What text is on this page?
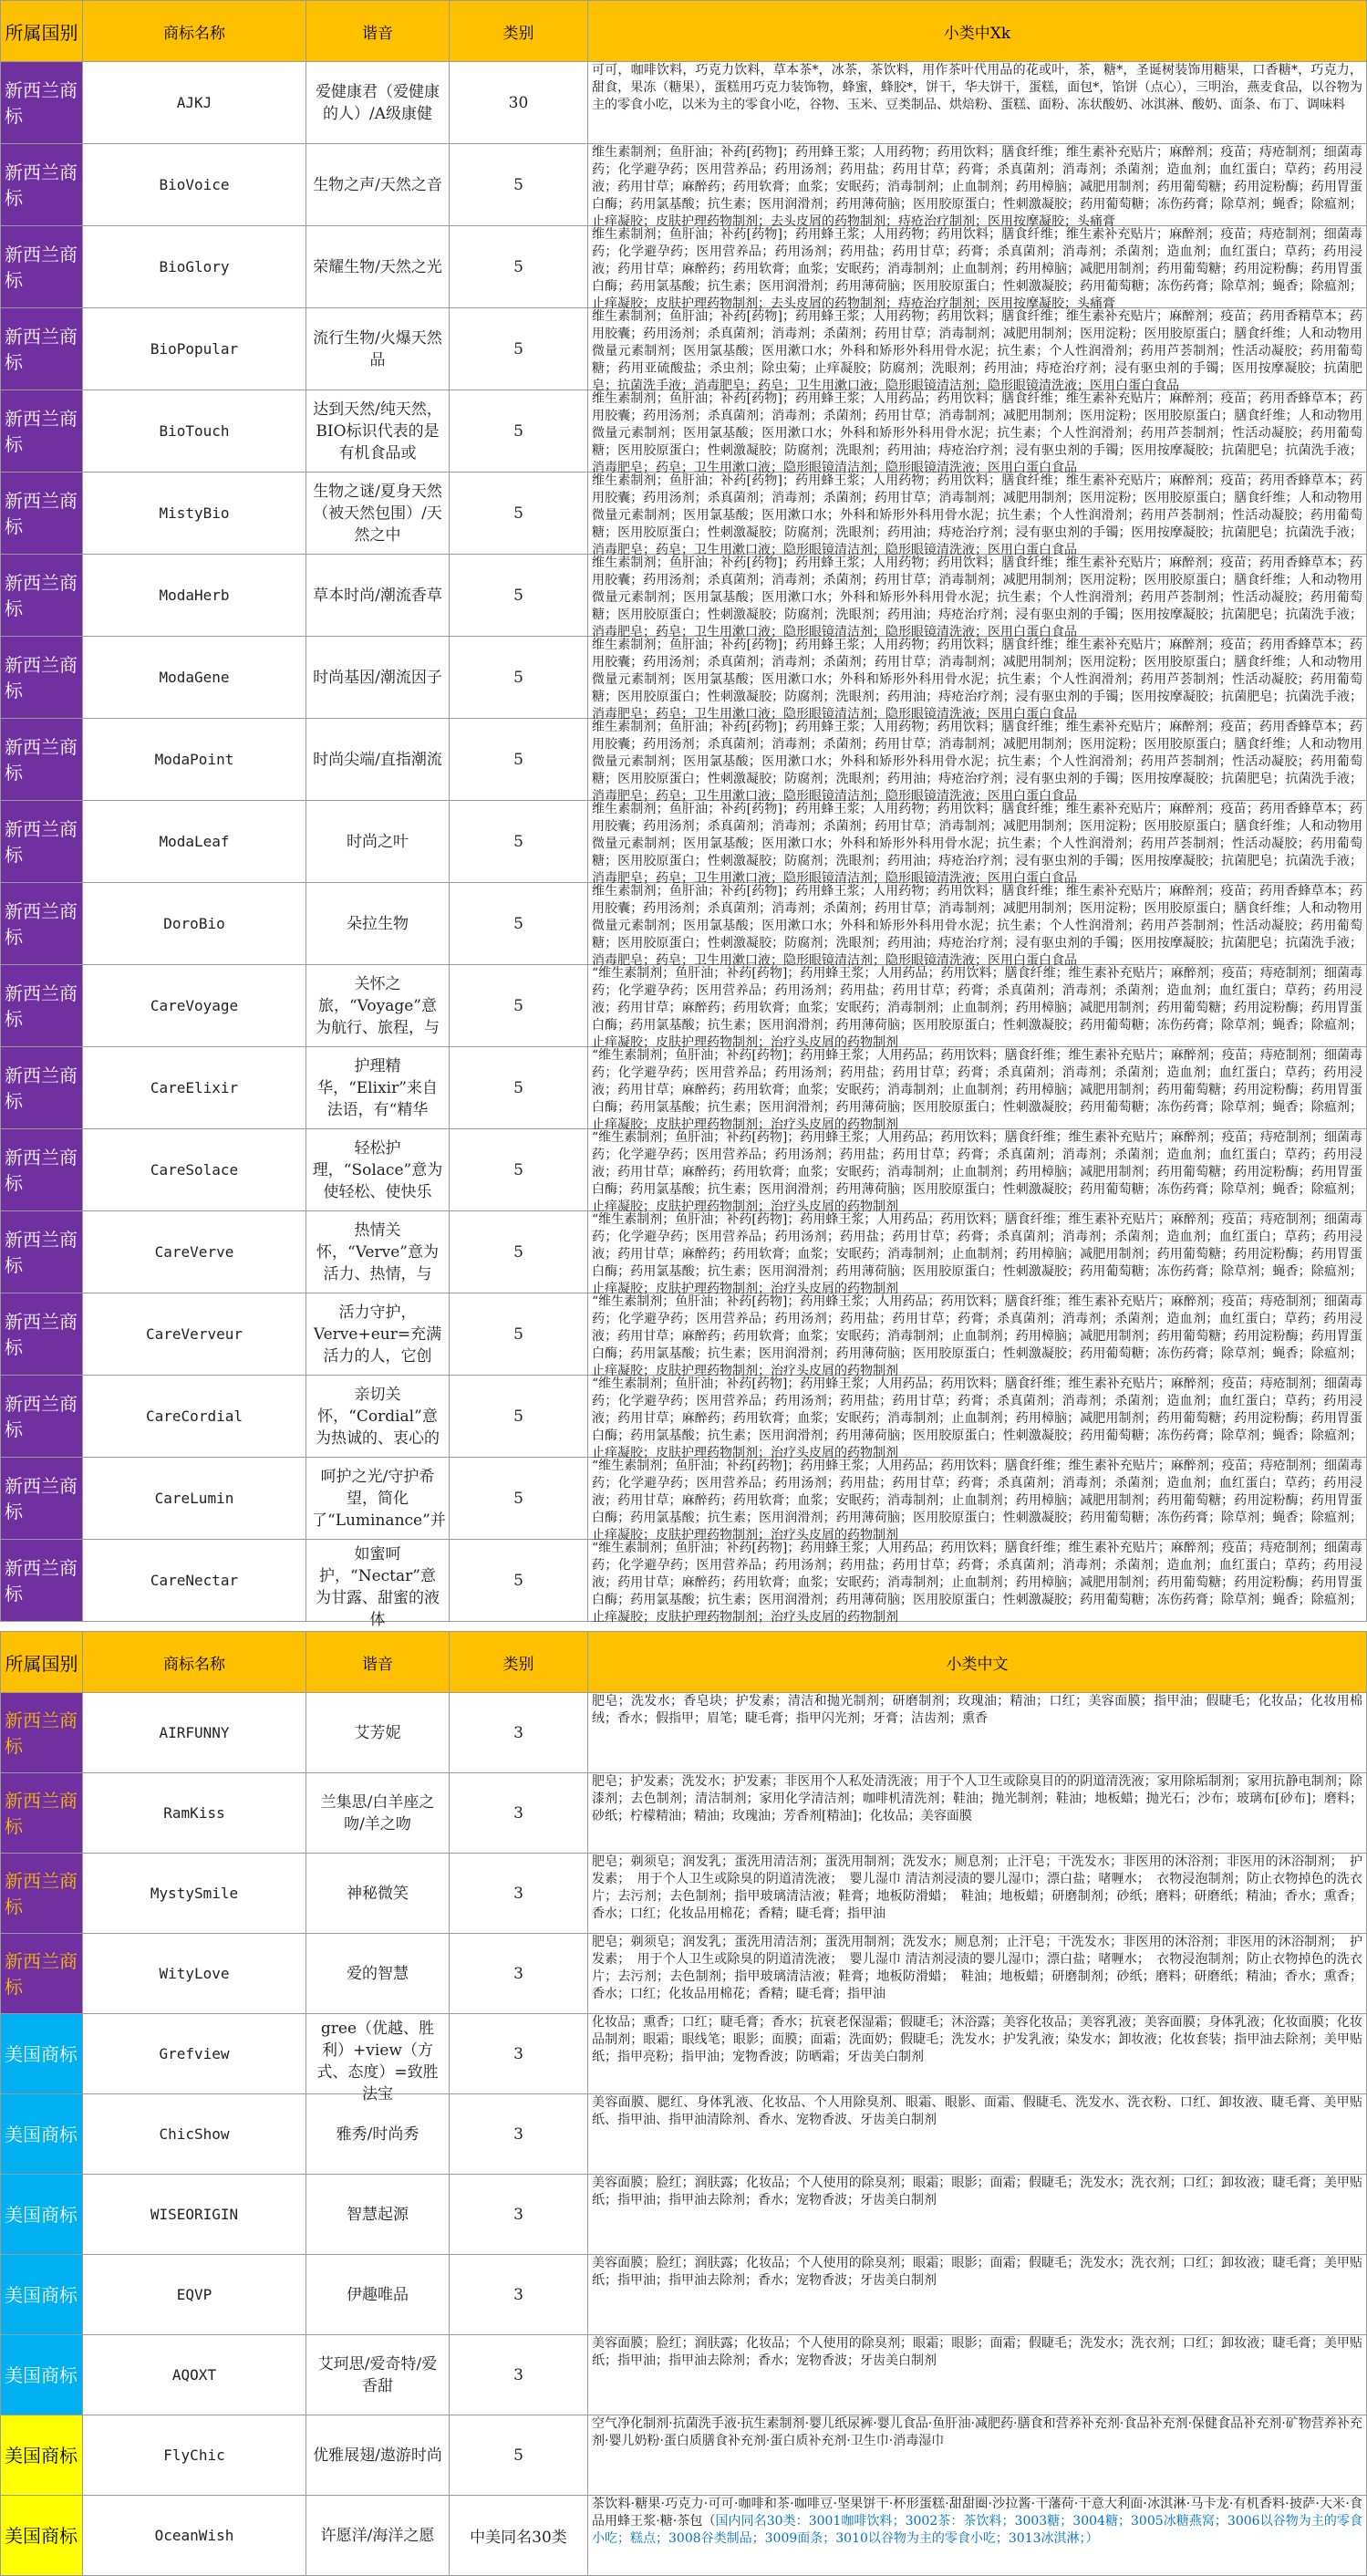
所属国别	商标名称	谐音	类别	小类中Xk
新西兰商标	AJKJ	爱健康君（爱健康的人）/A级康健	30	可可，咖啡饮料，巧克力饮料，草本茶*，冰茶，茶饮料，用作茶叶代用品的花或叶，茶，糖*，圣诞树装饰用糖果，口香糖*，巧克力，甜食，果冻（糖果），蛋糕用巧克力装饰物，蜂蜜，蜂胶*，饼干，华夫饼干，蛋糕，面包*，馅饼（点心），三明治，燕麦食品，以谷物为主的零食小吃，以米为主的零食小吃，谷物、玉米、豆类制品、烘焙粉、蛋糕、面粉、冻状酸奶、冰淇淋、酸奶、面条、布丁、调味料

新西兰商标	BioVoice	生物之声/天然之音	5	维生素制剂；鱼肝油；补药[药物]；药用蜂王浆；人用药物；药用饮料；膳食纤维；维生素补充贴片；麻醉剂；疫苗；痔疮制剂；细菌毒药；化学避孕药；医用营养品；药用汤剂；药用盐；药用甘草；药膏；杀真菌剂；消毒剂；杀菌剂；造血剂；血红蛋白；草药；药用浸液；药用甘草；麻醉药；药用软膏；血浆；安眠药；消毒制剂；止血制剂；药用樟脑；减肥用制剂；药用葡萄糖；药用淀粉酶；药用胃蛋白酶；药用氯基酸；抗生素；医用润滑剂；药用薄荷脑；医用胶原蛋白；性刺激凝胶；药用葡萄糖；冻伤药膏；除草剂；蝇香；除瘟剂；止痒凝胶；皮肤护理药物制剂；去头皮屑的药物制剂；痔疮治疗制剂；医用按摩凝胶；头痛膏

新西兰商标	BioGlory	荣耀生物/天然之光	5	维生素制剂；鱼肝油；补药[药物]；药用蜂王浆；人用药物；药用饮料；膳食纤维；维生素补充贴片；麻醉剂；疫苗；痔疮制剂；细菌毒药；化学避孕药；医用营养品；药用汤剂；药用盐；药用甘草；药膏；杀真菌剂；消毒剂；杀菌剂；造血剂；血红蛋白；草药；药用浸液；药用甘草；麻醉药；药用软膏；血浆；安眠药；消毒制剂；止血制剂；药用樟脑；减肥用制剂；药用葡萄糖；药用淀粉酶；药用胃蛋白酶；药用氯基酸；抗生素；医用润滑剂；药用薄荷脑；医用胶原蛋白；性刺激凝胶；药用葡萄糖；冻伤药膏；除草剂；蝇香；除瘟剂；止痒凝胶；皮肤护理药物制剂；去头皮屑的药物制剂；痔疮治疗制剂；医用按摩凝胶；头痛膏

新西兰商标	BioPopular	流行生物/火爆天然品	5	维生素制剂；鱼肝油；补药[药物]；药用蜂王浆；人用药物；药用饮料；膳食纤维；维生素补充贴片；麻醉剂；疫苗；药用香精草本；药用胶囊；药用汤剂；杀真菌剂；消毒剂；杀菌剂；药用甘草；消毒制剂；减肥用制剂；医用淀粉；医用胶原蛋白；膳食纤维；人和动物用微量元素制剂；医用氯基酸；医用漱口水；外科和矫形外科用骨水泥；抗生素；个人性润滑剂；药用芦荟制剂；性活动凝胶；药用葡萄糖；药用亚硫酸盐；杀虫剂；除虫菊；止痒凝胶；防腐剂；洗眼剂；药用油；痔疮治疗剂；浸有驱虫剂的手镯；医用按摩凝胶；抗菌肥皂；抗菌洗手液；消毒肥皂；药皂；卫生用漱口液；隐形眼镜清洁剂；隐形眼镜清洗液；医用白蛋白食品

新西兰商标	BioTouch	达到天然/纯天然，BIO标识代表的是有机食品或	5	维生素制剂；鱼肝油；补药[药物]；药用蜂王浆；人用药品；药用饮料；膳食纤维；维生素补充贴片；麻醉剂；疫苗；药用香蜂草本；药用胶囊；药用汤剂；杀真菌剂；消毒剂；杀菌剂；药用甘草；消毒制剂；减肥用制剂；医用淀粉；医用胶原蛋白；膳食纤维；人和动物用微量元素制剂；医用氯基酸；医用漱口水；外科和矫形外科用骨水泥；抗生素；个人性润滑剂；药用芦荟制剂；性活动凝胶；药用葡萄糖；医用胶原蛋白；性刺激凝胶；防腐剂；洗眼剂；药用油；痔疮治疗剂；浸有驱虫剂的手镯；医用按摩凝胶；抗菌肥皂；抗菌洗手液；消毒肥皂；药皂；卫生用漱口液；隐形眼镜清洁剂；隐形眼镜清洗液；医用白蛋白食品

新西兰商标	MistyBio	生物之谜/夏身天然（被天然包围）/天然之中	5	维生素制剂；鱼肝油；补药[药物]；药用蜂王浆；人用药物；药用饮料；膳食纤维；维生素补充贴片；麻醉剂；疫苗；药用香蜂草本；药用胶囊；药用汤剂；杀真菌剂；消毒剂；杀菌剂；药用甘草；消毒制剂；减肥用制剂；医用淀粉；医用胶原蛋白；膳食纤维；人和动物用微量元素制剂；医用氯基酸；医用漱口水；外科和矫形外科用骨水泥；抗生素；个人性润滑剂；药用芦荟制剂；性活动凝胶；药用葡萄糖；医用胶原蛋白；性刺激凝胶；防腐剂；洗眼剂；药用油；痔疮治疗剂；浸有驱虫剂的手镯；医用按摩凝胶；抗菌肥皂；抗菌洗手液；消毒肥皂；药皂；卫生用漱口液；隐形眼镜清洁剂；隐形眼镜清洗液；医用白蛋白食品

新西兰商标	ModaHerb	草本时尚/潮流香草	5	维生素制剂；鱼肝油；补药[药物]；药用蜂王浆；人用药物；药用饮料；膳食纤维；维生素补充贴片；麻醉剂；疫苗；药用香蜂草本；药用胶囊；药用汤剂；杀真菌剂；消毒剂；杀菌剂；药用甘草；消毒制剂；减肥用制剂；医用淀粉；医用胶原蛋白；膳食纤维；人和动物用微量元素制剂；医用氯基酸；医用漱口水；外科和矫形外科用骨水泥；抗生素；个人性润滑剂；药用芦荟制剂；性活动凝胶；药用葡萄糖；医用胶原蛋白；性刺激凝胶；防腐剂；洗眼剂；药用油；痔疮治疗剂；浸有驱虫剂的手镯；医用按摩凝胶；抗菌肥皂；抗菌洗手液；消毒肥皂；药皂；卫生用漱口液；隐形眼镜清洁剂；隐形眼镜清洗液；医用白蛋白食品

新西兰商标	ModaGene	时尚基因/潮流因子	5	维生素制剂；鱼肝油；补药[药物]；药用蜂王浆；人用药物；药用饮料；膳食纤维；维生素补充贴片；麻醉剂；疫苗；药用香蜂草本；药用胶囊；药用汤剂；杀真菌剂；消毒剂；杀菌剂；药用甘草；消毒制剂；减肥用制剂；医用淀粉；医用胶原蛋白；膳食纤维；人和动物用微量元素制剂；医用氯基酸；医用漱口水；外科和矫形外科用骨水泥；抗生素；个人性润滑剂；药用芦荟制剂；性活动凝胶；药用葡萄糖；医用胶原蛋白；性刺激凝胶；防腐剂；洗眼剂；药用油；痔疮治疗剂；浸有驱虫剂的手镯；医用按摩凝胶；抗菌肥皂；抗菌洗手液；消毒肥皂；药皂；卫生用漱口液；隐形眼镜清洁剂；隐形眼镜清洗液；医用白蛋白食品

新西兰商标	ModaPoint	时尚尖端/直指潮流	5	维生素制剂；鱼肝油；补药[药物]；药用蜂王浆；人用药物；药用饮料；膳食纤维；维生素补充贴片；麻醉剂；疫苗；药用香蜂草本；药用胶囊；药用汤剂；杀真菌剂；消毒剂；杀菌剂；药用甘草；消毒制剂；减肥用制剂；医用淀粉；医用胶原蛋白；膳食纤维；人和动物用微量元素制剂；医用氯基酸；医用漱口水；外科和矫形外科用骨水泥；抗生素；个人性润滑剂；药用芦荟制剂；性活动凝胶；药用葡萄糖；医用胶原蛋白；性刺激凝胶；防腐剂；洗眼剂；药用油；痔疮治疗剂；浸有驱虫剂的手镯；医用按摩凝胶；抗菌肥皂；抗菌洗手液；消毒肥皂；药皂；卫生用漱口液；隐形眼镜清洁剂；隐形眼镜清洗液；医用白蛋白食品

新西兰商标	ModaLeaf	时尚之叶	5	维生素制剂；鱼肝油；补药[药物]；药用蜂王浆；人用药物；药用饮料；膳食纤维；维生素补充贴片；麻醉剂；疫苗；药用香蜂草本；药用胶囊；药用汤剂；杀真菌剂；消毒剂；杀菌剂；药用甘草；消毒制剂；减肥用制剂；医用淀粉；医用胶原蛋白；膳食纤维；人和动物用微量元素制剂；医用氯基酸；医用漱口水；外科和矫形外科用骨水泥；抗生素；个人性润滑剂；药用芦荟制剂；性活动凝胶；药用葡萄糖；医用胶原蛋白；性刺激凝胶；防腐剂；洗眼剂；药用油；痔疮治疗剂；浸有驱虫剂的手镯；医用按摩凝胶；抗菌肥皂；抗菌洗手液；消毒肥皂；药皂；卫生用漱口液；隐形眼镜清洁剂；隐形眼镜清洗液；医用白蛋白食品

新西兰商标	DoroBio	朵拉生物	5	维生素制剂；鱼肝油；补药[药物]；药用蜂王浆；人用药物；药用饮料；膳食纤维；维生素补充贴片；麻醉剂；疫苗；药用香蜂草本；药用胶囊；药用汤剂；杀真菌剂；消毒剂；杀菌剂；药用甘草；消毒制剂；减肥用制剂；医用淀粉；医用胶原蛋白；膳食纤维；人和动物用微量元素制剂；医用氯基酸；医用漱口水；外科和矫形外科用骨水泥；抗生素；个人性润滑剂；药用芦荟制剂；性活动凝胶；药用葡萄糖；医用胶原蛋白；性刺激凝胶；防腐剂；洗眼剂；药用油；痔疮治疗剂；浸有驱虫剂的手镯；医用按摩凝胶；抗菌肥皂；抗菌洗手液；消毒肥皂；药皂；卫生用漱口液；隐形眼镜清洁剂；隐形眼镜清洗液；医用白蛋白食品

新西兰商标	CareVoyage	关怀之旅，“Voyage”意为航行、旅程，与	5	“维生素制剂；鱼肝油；补药[药物]；药用蜂王浆；人用药品；药用饮料；膳食纤维；维生素补充贴片；麻醉剂；疫苗；痔疮制剂；细菌毒药；化学避孕药；医用营养品；药用汤剂；药用盐；药用甘草；药膏；杀真菌剂；消毒剂；杀菌剂；造血剂；血红蛋白；草药；药用浸液；药用甘草；麻醉药；药用软膏；血浆；安眠药；消毒制剂；止血制剂；药用樟脑；减肥用制剂；药用葡萄糖；药用淀粉酶；药用胃蛋白酶；药用氯基酸；抗生素；医用润滑剂；药用薄荷脑；医用胶原蛋白；性刺激凝胶；药用葡萄糖；冻伤药膏；除草剂；蝇香；除瘟剂；止痒凝胶；皮肤护理药物制剂；治疗头皮屑的药物制剂

新西兰商标	CareElixir	护理精华，“Elixir”来自法语，有“精华	5	“维生素制剂；鱼肝油；补药[药物]；药用蜂王浆；人用药品；药用饮料；膳食纤维；维生素补充贴片；麻醉剂；疫苗；痔疮制剂；细菌毒药；化学避孕药；医用营养品；药用汤剂；药用盐；药用甘草；药膏；杀真菌剂；消毒剂；杀菌剂；造血剂；血红蛋白；草药；药用浸液；药用甘草；麻醉药；药用软膏；血浆；安眠药；消毒制剂；止血制剂；药用樟脑；减肥用制剂；药用葡萄糖；药用淀粉酶；药用胃蛋白酶；药用氯基酸；抗生素；医用润滑剂；药用薄荷脑；医用胶原蛋白；性刺激凝胶；药用葡萄糖；冻伤药膏；除草剂；蝇香；除瘟剂；止痒凝胶；皮肤护理药物制剂；治疗头皮屑的药物制剂

新西兰商标	CareSolace	轻松护理，“Solace”意为使轻松、使快乐	5	“维生素制剂；鱼肝油；补药[药物]；药用蜂王浆；人用药品；药用饮料；膳食纤维；维生素补充贴片；麻醉剂；疫苗；痔疮制剂；细菌毒药；化学避孕药；医用营养品；药用汤剂；药用盐；药用甘草；药膏；杀真菌剂；消毒剂；杀菌剂；造血剂；血红蛋白；草药；药用浸液；药用甘草；麻醉药；药用软膏；血浆；安眠药；消毒制剂；止血制剂；药用樟脑；减肥用制剂；药用葡萄糖；药用淀粉酶；药用胃蛋白酶；药用氯基酸；抗生素；医用润滑剂；药用薄荷脑；医用胶原蛋白；性刺激凝胶；药用葡萄糖；冻伤药膏；除草剂；蝇香；除瘟剂；止痒凝胶；皮肤护理药物制剂；治疗头皮屑的药物制剂

新西兰商标	CareVerve	热情关怀，“Verve”意为活力、热情，与	5	“维生素制剂；鱼肝油；补药[药物]；药用蜂王浆；人用药品；药用饮料；膳食纤维；维生素补充贴片；麻醉剂；疫苗；痔疮制剂；细菌毒药；化学避孕药；医用营养品；药用汤剂；药用盐；药用甘草；药膏；杀真菌剂；消毒剂；杀菌剂；造血剂；血红蛋白；草药；药用浸液；药用甘草；麻醉药；药用软膏；血浆；安眠药；消毒制剂；止血制剂；药用樟脑；减肥用制剂；药用葡萄糖；药用淀粉酶；药用胃蛋白酶；药用氯基酸；抗生素；医用润滑剂；药用薄荷脑；医用胶原蛋白；性刺激凝胶；药用葡萄糖；冻伤药膏；除草剂；蝇香；除瘟剂；止痒凝胶；皮肤护理药物制剂；治疗头皮屑的药物制剂

新西兰商标	CareVerveur	活力守护，Verve+eur=充满活力的人，它创	5	“维生素制剂；鱼肝油；补药[药物]；药用蜂王浆；人用药品；药用饮料；膳食纤维；维生素补充贴片；麻醉剂；疫苗；痔疮制剂；细菌毒药；化学避孕药；医用营养品；药用汤剂；药用盐；药用甘草；药膏；杀真菌剂；消毒剂；杀菌剂；造血剂；血红蛋白；草药；药用浸液；药用甘草；麻醉药；药用软膏；血浆；安眠药；消毒制剂；止血制剂；药用樟脑；减肥用制剂；药用葡萄糖；药用淀粉酶；药用胃蛋白酶；药用氯基酸；抗生素；医用润滑剂；药用薄荷脑；医用胶原蛋白；性刺激凝胶；药用葡萄糖；冻伤药膏；除草剂；蝇香；除瘟剂；止痒凝胶；皮肤护理药物制剂；治疗头皮屑的药物制剂

新西兰商标	CareCordial	亲切关怀，“Cordial”意为热诚的、衷心的	5	“维生素制剂；鱼肝油；补药[药物]；药用蜂王浆；人用药品；药用饮料；膳食纤维；维生素补充贴片；麻醉剂；疫苗；痔疮制剂；细菌毒药；化学避孕药；医用营养品；药用汤剂；药用盐；药用甘草；药膏；杀真菌剂；消毒剂；杀菌剂；造血剂；血红蛋白；草药；药用浸液；药用甘草；麻醉药；药用软膏；血浆；安眠药；消毒制剂；止血制剂；药用樟脑；减肥用制剂；药用葡萄糖；药用淀粉酶；药用胃蛋白酶；药用氯基酸；抗生素；医用润滑剂；药用薄荷脑；医用胶原蛋白；性刺激凝胶；药用葡萄糖；冻伤药膏；除草剂；蝇香；除瘟剂；止痒凝胶；皮肤护理药物制剂；治疗头皮屑的药物制剂

新西兰商标	CareLumin	呵护之光/守护希望，简化了“Luminance”并	5	“维生素制剂；鱼肝油；补药[药物]；药用蜂王浆；人用药品；药用饮料；膳食纤维；维生素补充贴片；麻醉剂；疫苗；痔疮制剂；细菌毒药；化学避孕药；医用营养品；药用汤剂；药用盐；药用甘草；药膏；杀真菌剂；消毒剂；杀菌剂；造血剂；血红蛋白；草药；药用浸液；药用甘草；麻醉药；药用软膏；血浆；安眠药；消毒制剂；止血制剂；药用樟脑；减肥用制剂；药用葡萄糖；药用淀粉酶；药用胃蛋白酶；药用氯基酸；抗生素；医用润滑剂；药用薄荷脑；医用胶原蛋白；性刺激凝胶；药用葡萄糖；冻伤药膏；除草剂；蝇香；除瘟剂；止痒凝胶；皮肤护理药物制剂；治疗头皮屑的药物制剂

新西兰商标	CareNectar	如蜜呵护，“Nectar”意为甘露、甜蜜的液体	5	“维生素制剂；鱼肝油；补药[药物]；药用蜂王浆；人用药品；药用饮料；膳食纤维；维生素补充贴片；麻醉剂；疫苗；痔疮制剂；细菌毒药；化学避孕药；医用营养品；药用汤剂；药用盐；药用甘草；药膏；杀真菌剂；消毒剂；杀菌剂；造血剂；血红蛋白；草药；药用浸液；药用甘草；麻醉药；药用软膏；血浆；安眠药；消毒制剂；止血制剂；药用樟脑；减肥用制剂；药用葡萄糖；药用淀粉酶；药用胃蛋白酶；药用氯基酸；抗生素；医用润滑剂；药用薄荷脑；医用胶原蛋白；性刺激凝胶；药用葡萄糖；冻伤药膏；除草剂；蝇香；除瘟剂；止痒凝胶；皮肤护理药物制剂；治疗头皮屑的药物制剂
所属国别	商标名称	谐音	类别	小类中文
新西兰商标	AIRFUNNY	艾芳妮	3	肥皂；洗发水；香皂块；护发素；清洁和抛光制剂；研磨制剂；玫瑰油；精油；口红；美容面膜；指甲油；假睫毛；化妆品；化妆用棉绒；香水；假指甲；眉笔；睫毛膏；指甲闪光剂；牙膏；洁齿剂；熏香

新西兰商标	RamKiss	兰集思/白羊座之吻/羊之吻	3	肥皂；护发素；洗发水；护发素；非医用个人私处清洗液；用于个人卫生或除臭目的的阴道清洗液；家用除垢制剂；家用抗静电制剂；除漆剂；去色制剂；清洁制剂；家用化学清洁剂；咖啡机清洗剂；鞋油；抛光制剂；鞋油；地板蜡；抛光石；沙布；玻璃布[砂布]；磨料；砂纸；柠檬精油；精油；玫瑰油；芳香剂[精油]；化妆品；美容面膜

新西兰商标	MystySmile	神秘微笑	3	肥皂；剃须皂；润发乳；蛋洗用清洁剂；蛋洗用制剂；洗发水；厕息剂；止汗皂；干洗发水；非医用的沐浴剂；非医用的沐浴制剂；　护发素；　用于个人卫生或除臭的阴道清洗液；　婴儿湿巾 清洁剂浸渍的婴儿湿巾；漂白盐；啫喱水；　衣物浸泡制剂；防止衣物掉色的洗衣片；去污剂；去色制剂；指甲玻璃清洁液；鞋膏；地板防滑蜡；　鞋油；地板蜡；研磨制剂；砂纸；磨料；研磨纸；精油；香水；熏香；香水；口红；化妆品用棉花；香精；睫毛膏；指甲油

新西兰商标	WityLove	爱的智慧	3	肥皂；剃须皂；润发乳；蛋洗用清洁剂；蛋洗用制剂；洗发水；厕息剂；止汗皂；干洗发水；非医用的沐浴剂；非医用的沐浴制剂；　护发素；　用于个人卫生或除臭的阴道清洗液；　婴儿湿巾 清洁剂浸渍的婴儿湿巾；漂白盐；啫喱水；　衣物浸泡制剂；防止衣物掉色的洗衣片；去污剂；去色制剂；指甲玻璃清洁液；鞋膏；地板防滑蜡；　鞋油；地板蜡；研磨制剂；砂纸；磨料；研磨纸；精油；香水；熏香；香水；口红；化妆品用棉花；香精；睫毛膏；指甲油

美国商标	Grefview	gree（优越、胜利）+view（方式、态度）=致胜法宝	3	化妆品；熏香；口红；睫毛膏；香水；抗衰老保湿霜；假睫毛；沐浴露；美容化妆品；美容乳液；美容面膜；身体乳液；化妆面膜；化妆品制剂；眼霜；眼线笔；眼影；面膜；面霜；洗面奶；假睫毛；洗发水；护发乳液；染发水；卸妆液；化妆套装；指甲油去除剂；美甲贴纸；指甲亮粉；指甲油；宠物香波；防晒霜；牙齿美白制剂

美国商标	ChicShow	雅秀/时尚秀	3	美容面膜、腮红、身体乳液、化妆品、个人用除臭剂、眼霜、眼影、面霜、假睫毛、洗发水、洗衣粉、口红、卸妆液、睫毛膏、美甲贴纸、指甲油、指甲油清除剂、香水、宠物香波、牙齿美白制剂

美国商标	WISEORIGIN	智慧起源	3	美容面膜；脸红；润肤露；化妆品；个人使用的除臭剂；眼霜；眼影；面霜；假睫毛；洗发水；洗衣剂；口红；卸妆液；睫毛膏；美甲贴纸；指甲油；指甲油去除剂；香水；宠物香波；牙齿美白制剂

美国商标	EQVP	伊趣唯品	3	美容面膜；脸红；润肤露；化妆品；个人使用的除臭剂；眼霜；眼影；面霜；假睫毛；洗发水；洗衣剂；口红；卸妆液；睫毛膏；美甲贴纸；指甲油；指甲油去除剂；香水；宠物香波；牙齿美白制剂

美国商标	AQOXT	艾珂思/爱奇特/爱香甜	3	美容面膜；脸红；润肤露；化妆品；个人使用的除臭剂；眼霜；眼影；面霜；假睫毛；洗发水；洗衣剂；口红；卸妆液；睫毛膏；美甲贴纸；指甲油；指甲油去除剂；香水；宠物香波；牙齿美白制剂

美国商标	FlyChic	优雅展翅/遨游时尚	5	空气净化制剂·抗菌洗手液·抗生素制剂·婴儿纸尿裤·婴儿食品·鱼肝油·减肥药·膳食和营养补充剂·食品补充剂·保健食品补充剂·矿物营养补充剂·婴儿奶粉·蛋白质膳食补充剂·蛋白质补充剂·卫生巾·消毒湿巾

美国商标	OceanWish	许愿洋/海洋之愿	中美同名30类	茶饮料·糖果·巧克力·可可·咖啡和茶·咖啡豆·坚果饼干·杯形蛋糕·甜甜圈·沙拉酱·干藩荷·干意大利面·冰淇淋·马卡龙·有机香料·披萨·大米·食品用蜂王浆·糖·茶包（国内同名30类：3001咖啡饮料；3002茶：茶饮料；3003糖；3004糖；3005冰糖燕窝；3006以谷物为主的零食小吃；糕点；3008谷类制品；3009面条；3010以谷物为主的零食小吃；3013冰淇淋；）
